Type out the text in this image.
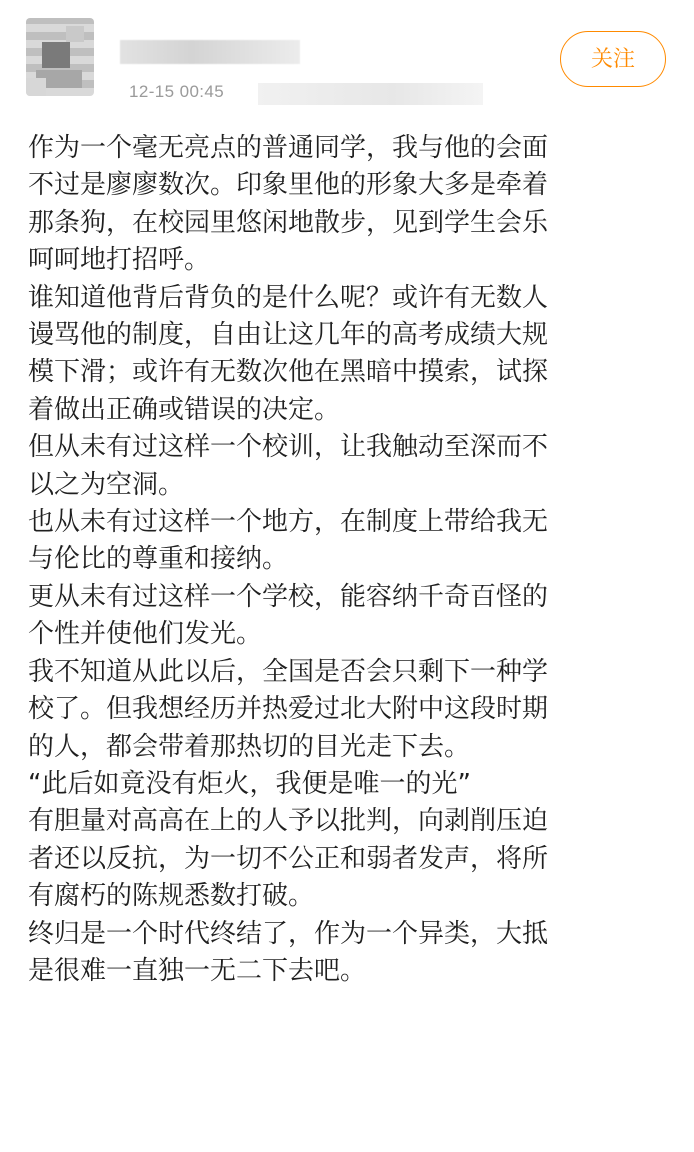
12-15 00:45
关注

作为一个毫无亮点的普通同学，我与他的会面
不过是廖廖数次。印象里他的形象大多是牵着
那条狗，在校园里悠闲地散步，见到学生会乐
呵呵地打招呼。

谁知道他背后背负的是什么呢？或许有无数人
谩骂他的制度，自由让这几年的高考成绩大规
模下滑；或许有无数次他在黑暗中摸索，试探
着做出正确或错误的决定。

但从未有过这样一个校训，让我触动至深而不
以之为空洞。

也从未有过这样一个地方，在制度上带给我无
与伦比的尊重和接纳。

更从未有过这样一个学校，能容纳千奇百怪的
个性并使他们发光。

我不知道从此以后，全国是否会只剩下一种学
校了。但我想经历并热爱过北大附中这段时期
的人，都会带着那热切的目光走下去。

“此后如竟没有炬火，我便是唯一的光”

有胆量对高高在上的人予以批判，向剥削压迫
者还以反抗，为一切不公正和弱者发声，将所
有腐朽的陈规悉数打破。

终归是一个时代终结了，作为一个异类，大抵
是很难一直独一无二下去吧。
